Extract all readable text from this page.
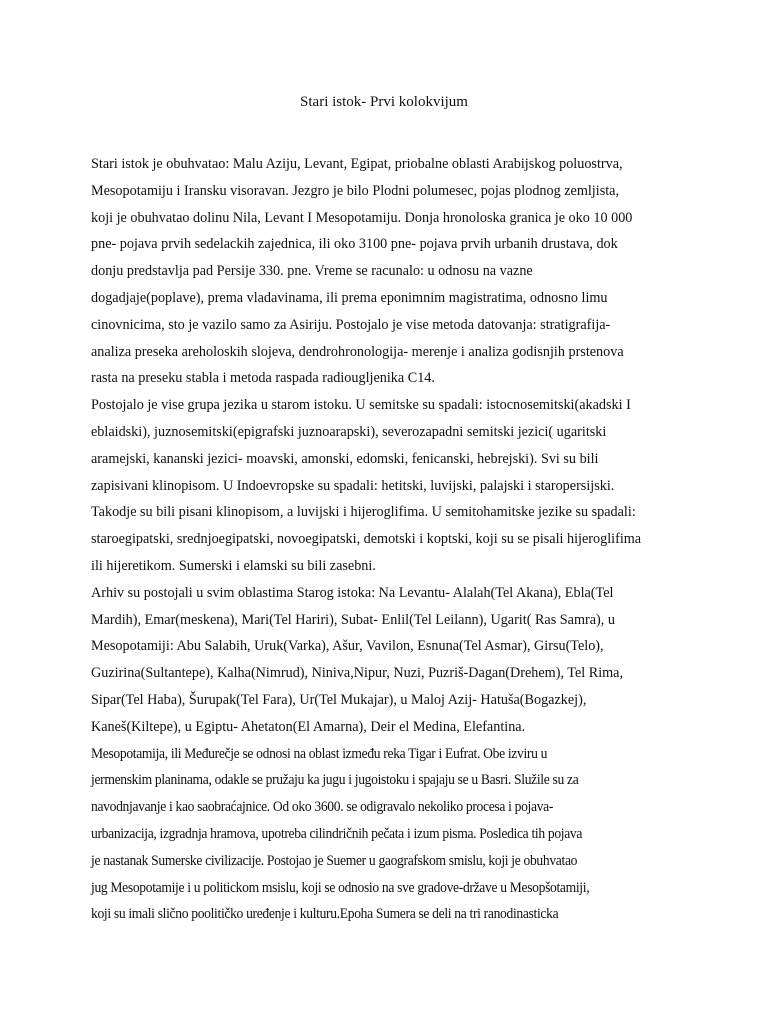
Stari istok- Prvi kolokvijum
Stari istok je obuhvatao: Malu Aziju, Levant, Egipat, priobalne oblasti Arabijskog poluostrva,
Mesopotamiju i Iransku visoravan. Jezgro je bilo Plodni polumesec, pojas plodnog zemljista,
koji je obuhvatao dolinu Nila, Levant I Mesopotamiju. Donja hronoloska granica je oko 10 000
pne- pojava prvih sedelackih zajednica, ili oko 3100 pne- pojava prvih urbanih drustava, dok
donju predstavlja pad Persije 330. pne. Vreme se racunalo: u odnosu na vazne
dogadjaje(poplave), prema vladavinama, ili prema eponimnim magistratima, odnosno limu
cinovnicima, sto je vazilo samo za Asiriju. Postojalo je vise metoda datovanja: stratigrafija-
analiza preseka areholoskih slojeva, dendrohronologija- merenje i analiza godisnjih prstenova
rasta na preseku stabla i metoda raspada radiougljenika C14.
Postojalo je vise grupa jezika u starom istoku. U semitske su spadali: istocnosemitski(akadski I
eblaidski), juznosemitski(epigrafski juznoarapski), severozapadni semitski jezici( ugaritski
aramejski, kananski jezici- moavski, amonski, edomski, fenicanski, hebrejski). Svi su bili
zapisivani klinopisom. U Indoevropske su spadali: hetitski, luvijski, palajski i staropersijski.
Takodje su bili pisani klinopisom, a luvijski i hijeroglifima. U semitohamitske jezike su spadali:
staroegipatski, srednjoegipatski, novoegipatski, demotski i koptski, koji su se pisali hijeroglifima
ili hijeretikom. Sumerski i elamski su bili zasebni.
Arhiv su postojali u svim oblastima Starog istoka: Na Levantu- Alalah(Tel Akana), Ebla(Tel
Mardih), Emar(meskena), Mari(Tel Hariri), Subat- Enlil(Tel Leilann), Ugarit( Ras Samra), u
Mesopotamiji: Abu Salabih, Uruk(Varka), Ašur, Vavilon, Esnuna(Tel Asmar), Girsu(Telo),
Guzirina(Sultantepe), Kalha(Nimrud), Niniva,Nipur, Nuzi, Puzriš-Dagan(Drehem), Tel Rima,
Sipar(Tel Haba), Šurupak(Tel Fara), Ur(Tel Mukajar), u Maloj Azij- Hatuša(Bogazkej),
Kaneš(Kiltepe), u Egiptu- Ahetaton(El Amarna), Deir el Medina, Elefantina.
Mesopotamija, ili Međurečje se odnosi na oblast između reka Tigar i Eufrat. Obe izviru u
jermenskim planinama, odakle se pružaju ka jugu i jugoistoku i spajaju se u Basri. Služile su za
navodnjavanje i kao saobraćajnice. Od oko 3600. se odigravalo nekoliko procesa i pojava-
urbanizacija, izgradnja hramova, upotreba cilindričnih pečata i izum pisma. Posledica tih pojava
je nastanak Sumerske civilizacije. Postojao je Suemer u gaografskom smislu, koji je obuhvatao
jug Mesopotamije i u politickom msislu, koji se odnosio na sve gradove-države u Mesopšotamiji,
koji su imali slično poolitičko uređenje i kulturu.Epoha Sumera se deli na tri ranodinasticka
